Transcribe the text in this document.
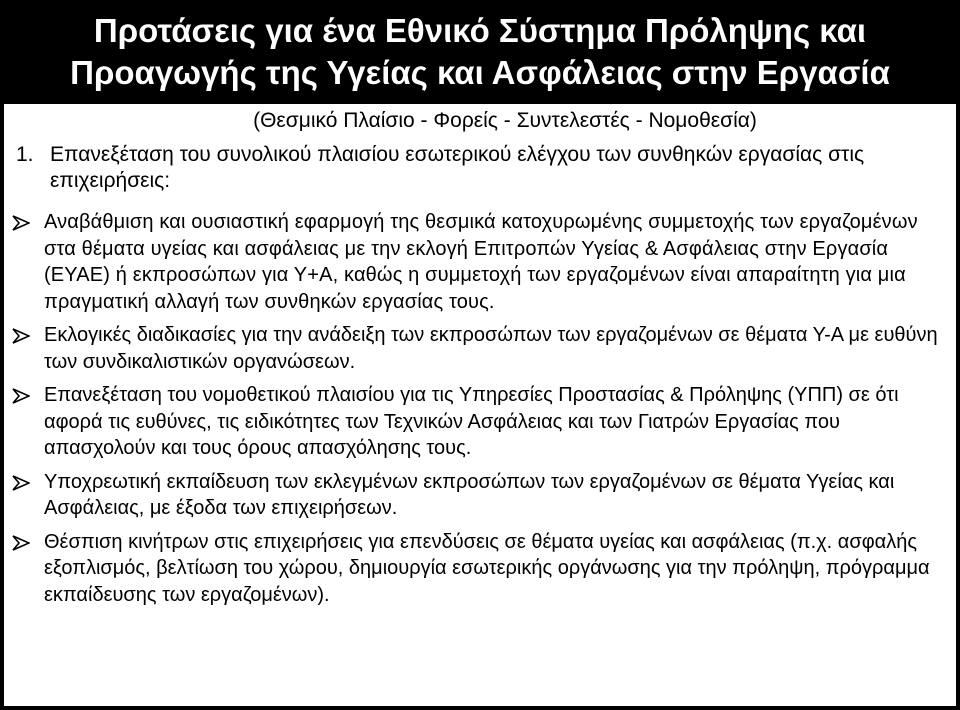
Προτάσεις για ένα Εθνικό Σύστημα Πρόληψης και
Προαγωγής της Υγείας και Ασφάλειας στην Εργασία
(Θεσμικό Πλαίσιο - Φορείς - Συντελεστές - Νομοθεσία)
1. Επανεξέταση του συνολικού πλαισίου εσωτερικού ελέγχου των συνθηκών εργασίας στις επιχειρήσεις:
Αναβάθμιση και ουσιαστική εφαρμογή της θεσμικά κατοχυρωμένης συμμετοχής των εργαζομένων στα θέματα υγείας και ασφάλειας με την εκλογή Επιτροπών Υγείας & Ασφάλειας στην Εργασία (ΕΥΑΕ) ή εκπροσώπων για Υ+Α, καθώς η συμμετοχή των εργαζομένων είναι απαραίτητη για μια πραγματική αλλαγή των συνθηκών εργασίας τους.
Εκλογικές διαδικασίες για την ανάδειξη των εκπροσώπων των εργαζομένων σε θέματα Υ-Α με ευθύνη των συνδικαλιστικών οργανώσεων.
Επανεξέταση του νομοθετικού πλαισίου για τις Υπηρεσίες Προστασίας & Πρόληψης (ΥΠΠ) σε ότι αφορά τις ευθύνες, τις ειδικότητες των Τεχνικών Ασφάλειας και των Γιατρών Εργασίας που απασχολούν και τους όρους απασχόλησης τους.
Υποχρεωτική εκπαίδευση των εκλεγμένων εκπροσώπων των εργαζομένων σε θέματα Υγείας και Ασφάλειας, με έξοδα των επιχειρήσεων.
Θέσπιση κινήτρων στις επιχειρήσεις για επενδύσεις σε θέματα υγείας και ασφάλειας (π.χ. ασφαλής εξοπλισμός, βελτίωση του χώρου, δημιουργία εσωτερικής οργάνωσης για την πρόληψη, πρόγραμμα εκπαίδευσης των εργαζομένων).
